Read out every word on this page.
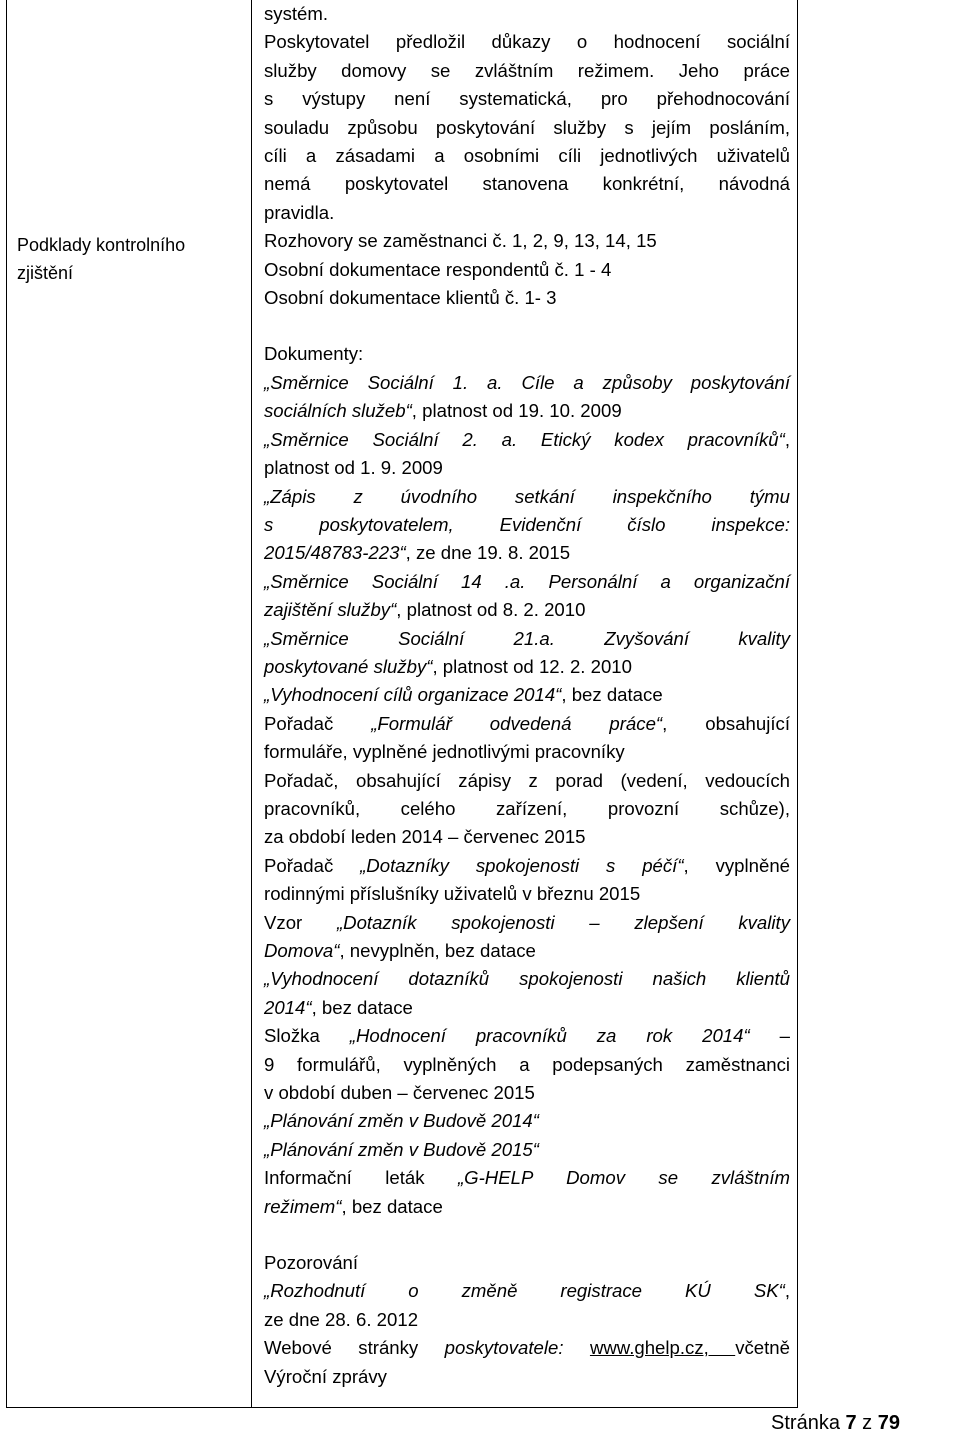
Podklady kontrolního
zjištění
systém.
Poskytovatel předložil důkazy o hodnocení sociální
služby domovy se zvláštním režimem. Jeho práce
s výstupy není systematická, pro přehodnocování
souladu způsobu poskytování služby s jejím posláním,
cíli a zásadami a osobními cíli jednotlivých uživatelů
nemá poskytovatel stanovena konkrétní, návodná
pravidla.
Rozhovory se zaměstnanci č. 1, 2, 9, 13, 14, 15
Osobní dokumentace respondentů č. 1 - 4
Osobní dokumentace klientů č. 1- 3
Dokumenty:
„Směrnice Sociální 1. a. Cíle a způsoby poskytování
sociálních služeb“, platnost od 19. 10. 2009
„Směrnice Sociální 2. a. Etický kodex pracovníků“,
platnost od 1. 9. 2009
„Zápis z úvodního setkání inspekčního týmu
s poskytovatelem, Evidenční číslo inspekce:
2015/48783-223“, ze dne 19. 8. 2015
„Směrnice Sociální 14 .a. Personální a organizační
zajištění služby“, platnost od 8. 2. 2010
„Směrnice Sociální 21.a. Zvyšování kvality
poskytované služby“, platnost od 12. 2. 2010
„Vyhodnocení cílů organizace 2014“, bez datace
Pořadač „Formulář odvedená práce“, obsahující
formuláře, vyplněné jednotlivými pracovníky
Pořadač, obsahující zápisy z porad (vedení, vedoucích
pracovníků, celého zařízení, provozní schůze),
za období leden 2014 – červenec 2015
Pořadač „Dotazníky spokojenosti s péčí“, vyplněné
rodinnými příslušníky uživatelů v březnu 2015
Vzor „Dotazník spokojenosti – zlepšení kvality
Domova“, nevyplněn, bez datace
„Vyhodnocení dotazníků spokojenosti našich klientů
2014“, bez datace
Složka „Hodnocení pracovníků za rok 2014“ –
9 formulářů, vyplněných a podepsaných zaměstnanci
v období duben – červenec 2015
„Plánování změn v Budově 2014“
„Plánování změn v Budově 2015“
Informační leták „G-HELP Domov se zvláštním
režimem“, bez datace
Pozorování
„Rozhodnutí o změně registrace KÚ SK“,
ze dne 28. 6. 2012
Webové stránky poskytovatele: www.ghelp.cz, včetně
Výroční zprávy
Stránka 7 z 79
